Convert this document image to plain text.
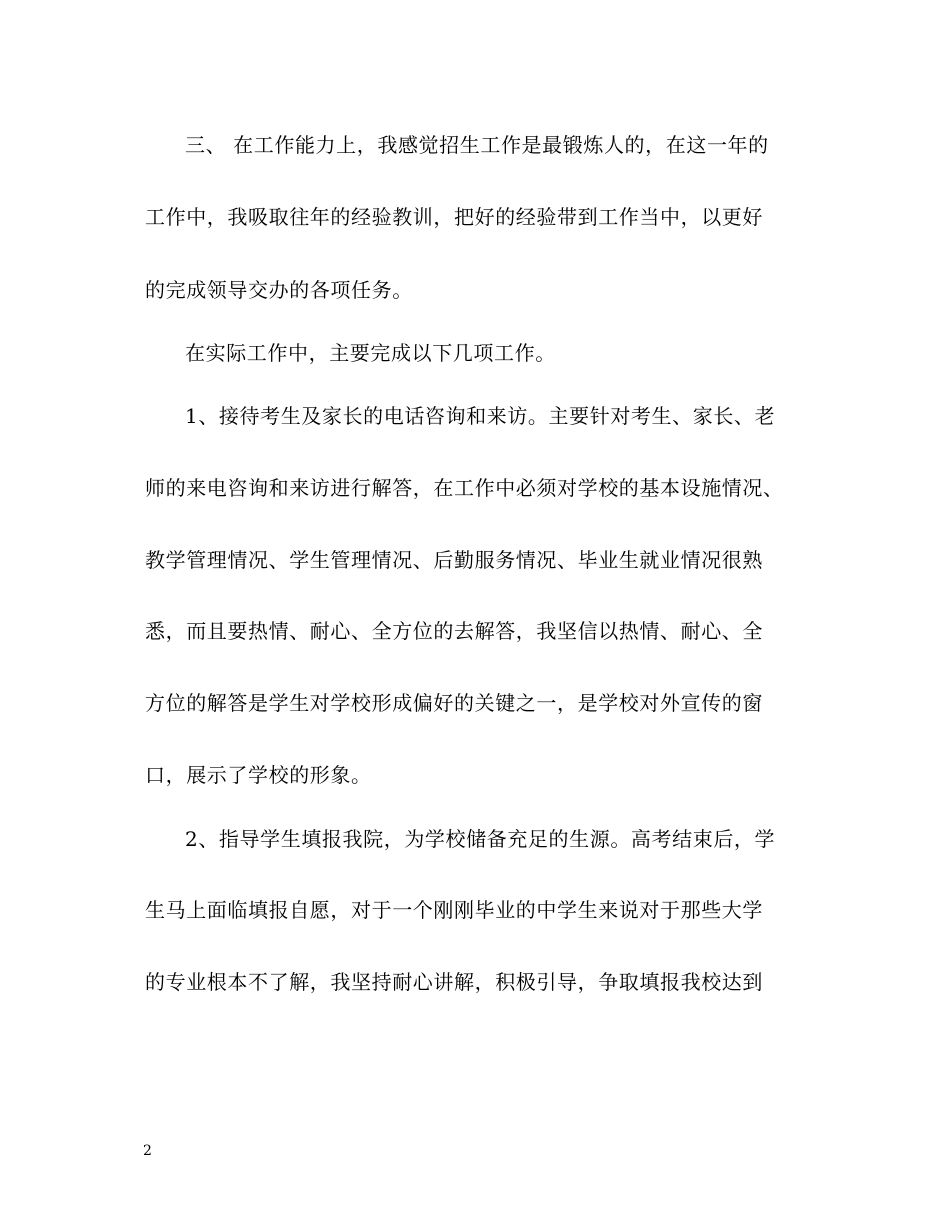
三、 在工作能力上，我感觉招生工作是最锻炼人的，在这一年的
工作中，我吸取往年的经验教训，把好的经验带到工作当中，以更好
的完成领导交办的各项任务。
在实际工作中，主要完成以下几项工作。
1、接待考生及家长的电话咨询和来访。主要针对考生、家长、老
师的来电咨询和来访进行解答，在工作中必须对学校的基本设施情况、
教学管理情况、学生管理情况、后勤服务情况、毕业生就业情况很熟
悉，而且要热情、耐心、全方位的去解答，我坚信以热情、耐心、全
方位的解答是学生对学校形成偏好的关键之一，是学校对外宣传的窗
口，展示了学校的形象。
2、指导学生填报我院，为学校储备充足的生源。高考结束后，学
生马上面临填报自愿，对于一个刚刚毕业的中学生来说对于那些大学
的专业根本不了解，我坚持耐心讲解，积极引导，争取填报我校达到
2
